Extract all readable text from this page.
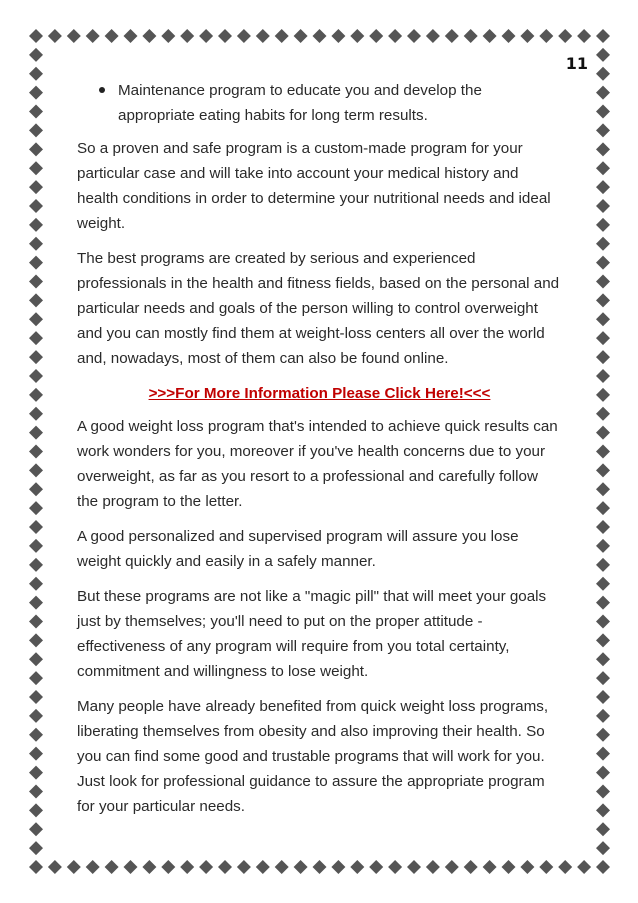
11
Maintenance program to educate you and develop the appropriate eating habits for long term results.

So a proven and safe program is a custom-made program for your particular case and will take into account your medical history and health conditions in order to determine your nutritional needs and ideal weight.

The best programs are created by serious and experienced professionals in the health and fitness fields, based on the personal and particular needs and goals of the person willing to control overweight and you can mostly find them at weight-loss centers all over the world and, nowadays, most of them can also be found online.

>>>For More Information Please Click Here!<<<

A good weight loss program that's intended to achieve quick results can work wonders for you, moreover if you've health concerns due to your overweight, as far as you resort to a professional and carefully follow the program to the letter.

A good personalized and supervised program will assure you lose weight quickly and easily in a safely manner.

But these programs are not like a "magic pill" that will meet your goals just by themselves; you'll need to put on the proper attitude - effectiveness of any program will require from you total certainty, commitment and willingness to lose weight.

Many people have already benefited from quick weight loss programs, liberating themselves from obesity and also improving their health. So you can find some good and trustable programs that will work for you. Just look for professional guidance to assure the appropriate program for your particular needs.
